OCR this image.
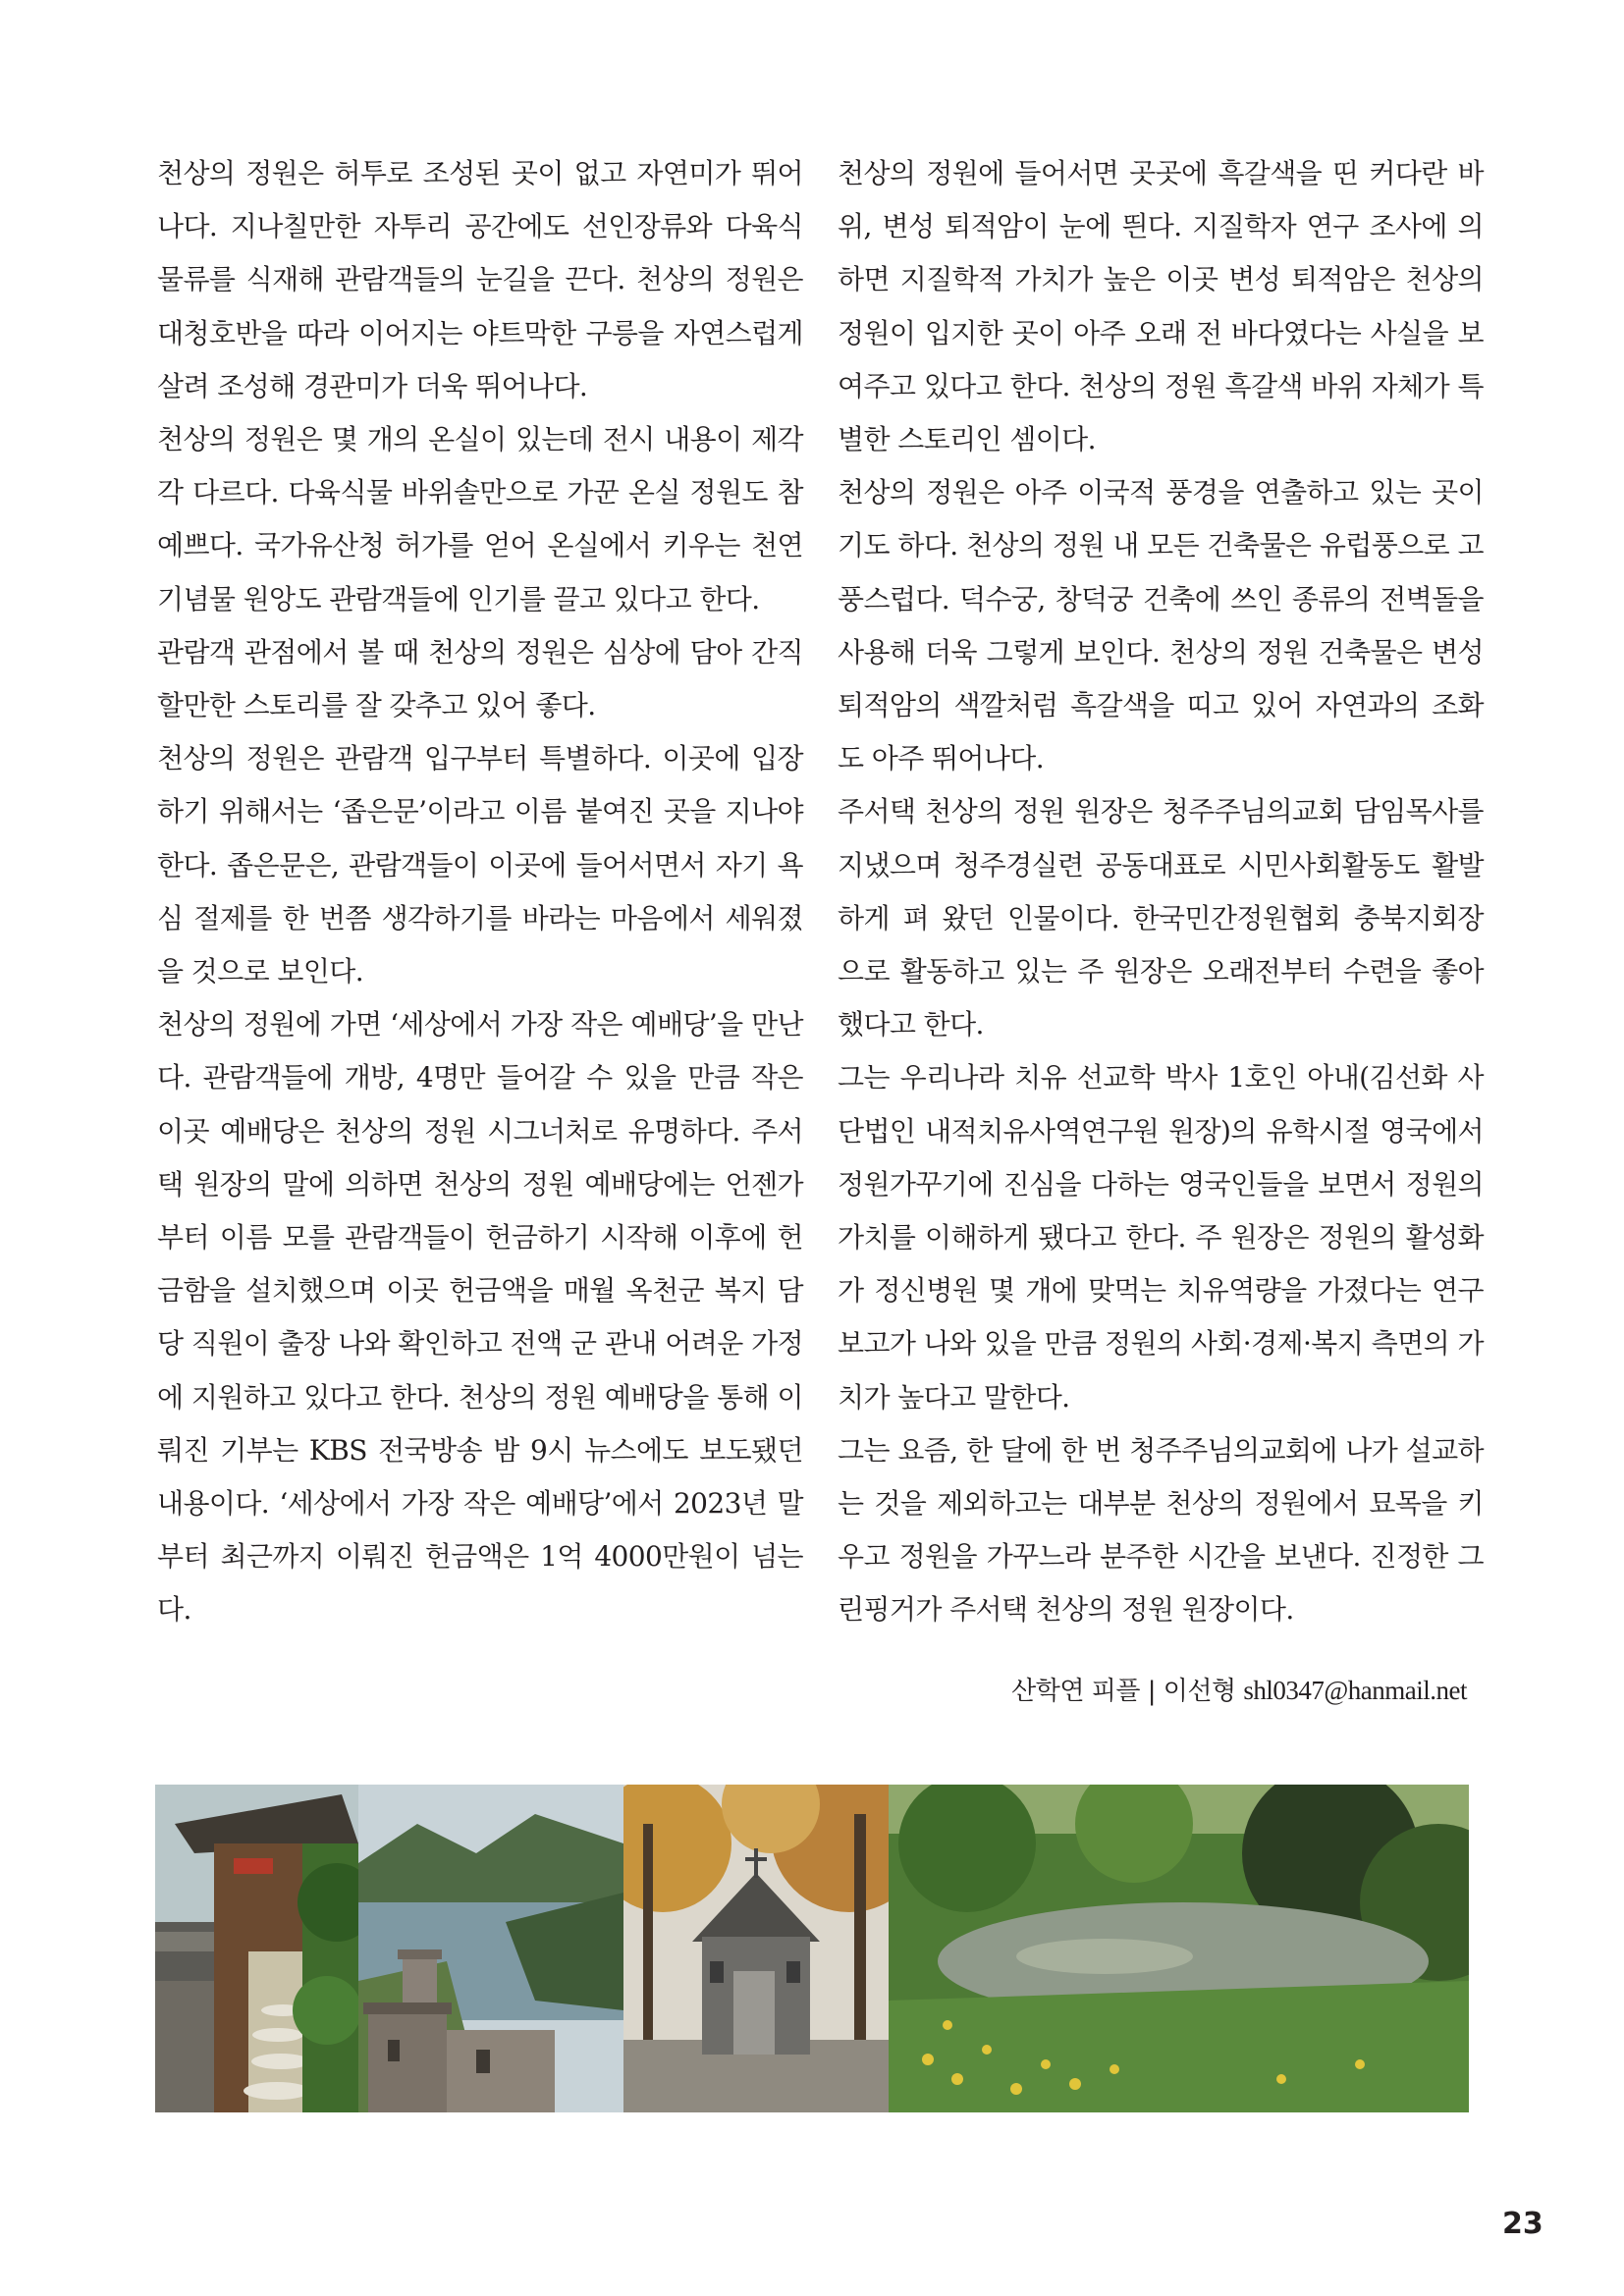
천상의 정원은 허투로 조성된 곳이 없고 자연미가 뛰어나다. 지나칠만한 자투리 공간에도 선인장류와 다육식물류를 식재해 관람객들의 눈길을 끈다. 천상의 정원은 대청호반을 따라 이어지는 야트막한 구릉을 자연스럽게 살려 조성해 경관미가 더욱 뛰어나다.

천상의 정원은 몇 개의 온실이 있는데 전시 내용이 제각각 다르다. 다육식물 바위솔만으로 가꾼 온실 정원도 참 예쁘다. 국가유산청 허가를 얻어 온실에서 키우는 천연기념물 원앙도 관람객들에 인기를 끌고 있다고 한다.

관람객 관점에서 볼 때 천상의 정원은 심상에 담아 간직할만한 스토리를 잘 갖추고 있어 좋다.

천상의 정원은 관람객 입구부터 특별하다. 이곳에 입장하기 위해서는 ‘좁은문’이라고 이름 붙여진 곳을 지나야 한다. 좁은문은, 관람객들이 이곳에 들어서면서 자기 욕심 절제를 한 번쯤 생각하기를 바라는 마음에서 세워졌을 것으로 보인다.

천상의 정원에 가면 ‘세상에서 가장 작은 예배당’을 만난다. 관람객들에 개방, 4명만 들어갈 수 있을 만큼 작은 이곳 예배당은 천상의 정원 시그너처로 유명하다. 주서택 원장의 말에 의하면 천상의 정원 예배당에는 언젠가부터 이름 모를 관람객들이 헌금하기 시작해 이후에 헌금함을 설치했으며 이곳 헌금액을 매월 옥천군 복지 담당 직원이 출장 나와 확인하고 전액 군 관내 어려운 가정에 지원하고 있다고 한다. 천상의 정원 예배당을 통해 이뤄진 기부는 KBS 전국방송 밤 9시 뉴스에도 보도됐던 내용이다. ‘세상에서 가장 작은 예배당’에서 2023년 말부터 최근까지 이뤄진 헌금액은 1억 4000만원이 넘는다.

천상의 정원에 들어서면 곳곳에 흑갈색을 띤 커다란 바위, 변성 퇴적암이 눈에 띈다. 지질학자 연구 조사에 의하면 지질학적 가치가 높은 이곳 변성 퇴적암은 천상의 정원이 입지한 곳이 아주 오래 전 바다였다는 사실을 보여주고 있다고 한다. 천상의 정원 흑갈색 바위 자체가 특별한 스토리인 셈이다.

천상의 정원은 아주 이국적 풍경을 연출하고 있는 곳이기도 하다. 천상의 정원 내 모든 건축물은 유럽풍으로 고풍스럽다. 덕수궁, 창덕궁 건축에 쓰인 종류의 전벽돌을 사용해 더욱 그렇게 보인다. 천상의 정원 건축물은 변성 퇴적암의 색깔처럼 흑갈색을 띠고 있어 자연과의 조화도 아주 뛰어나다.

주서택 천상의 정원 원장은 청주주님의교회 담임목사를 지냈으며 청주경실련 공동대표로 시민사회활동도 활발하게 펴 왔던 인물이다. 한국민간정원협회 충북지회장으로 활동하고 있는 주 원장은 오래전부터 수련을 좋아했다고 한다.

그는 우리나라 치유 선교학 박사 1호인 아내(김선화 사단법인 내적치유사역연구원 원장)의 유학시절 영국에서 정원가꾸기에 진심을 다하는 영국인들을 보면서 정원의 가치를 이해하게 됐다고 한다. 주 원장은 정원의 활성화가 정신병원 몇 개에 맞먹는 치유역량을 가졌다는 연구보고가 나와 있을 만큼 정원의 사회·경제·복지 측면의 가치가 높다고 말한다.

그는 요즘, 한 달에 한 번 청주주님의교회에 나가 설교하는 것을 제외하고는 대부분 천상의 정원에서 묘목을 키우고 정원을 가꾸느라 분주한 시간을 보낸다. 진정한 그린핑거가 주서택 천상의 정원 원장이다.

산학연 피플 | 이선형 shl0347@hanmail.net
23
